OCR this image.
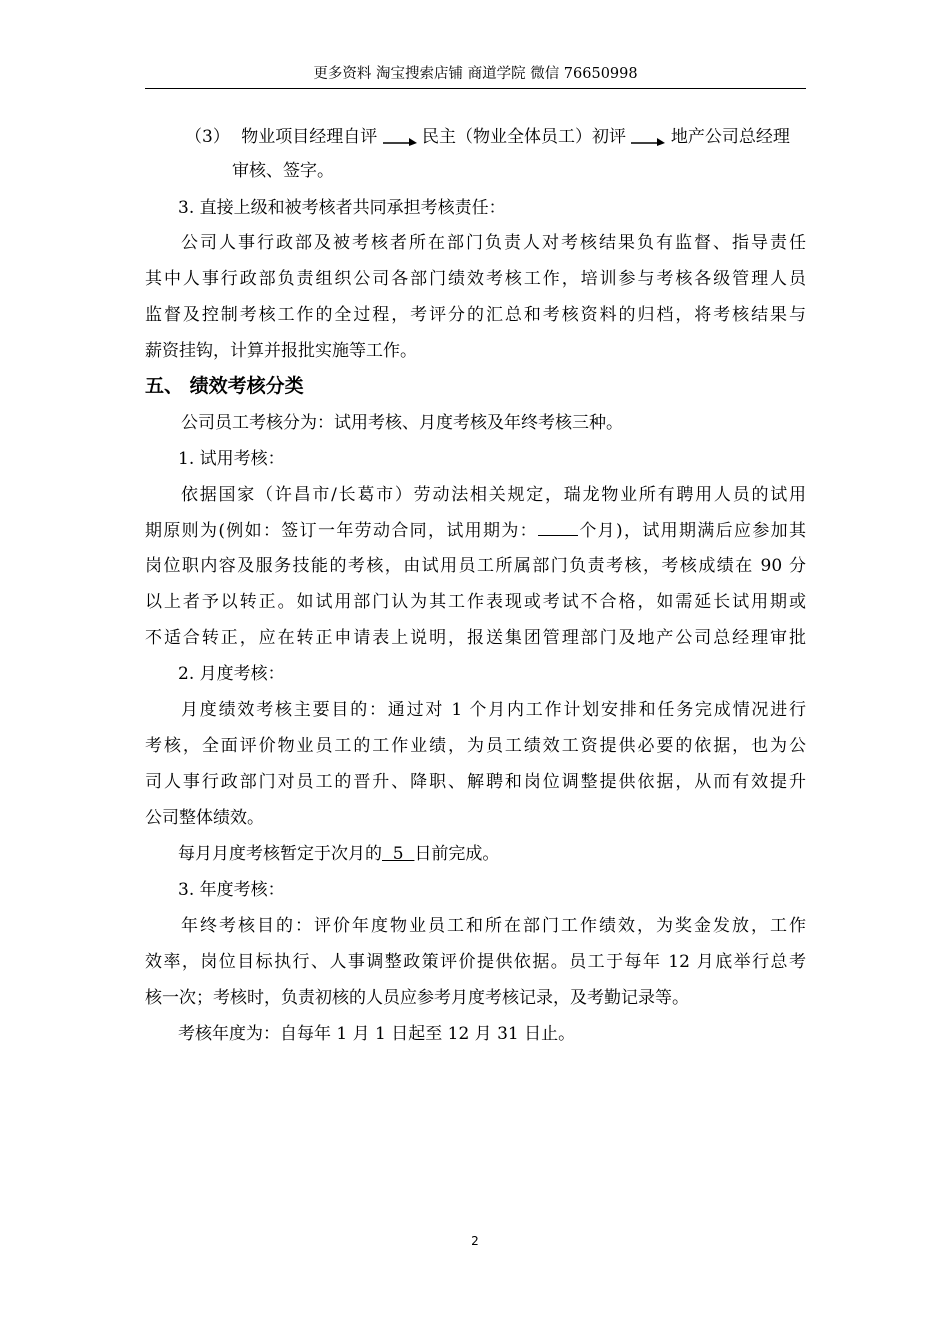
更多资料 淘宝搜索店铺 商道学院 微信 76650998
（3） 物业项目经理自评	民主（物业全体员工）初评	地产公司总经理
审核、签字。
3. 直接上级和被考核者共同承担考核责任：
公司人事行政部及被考核者所在部门负责人对考核结果负有监督、指导责任
其中人事行政部负责组织公司各部门绩效考核工作，培训参与考核各级管理人员
监督及控制考核工作的全过程，考评分的汇总和考核资料的归档，将考核结果与
薪资挂钩，计算并报批实施等工作。
五、 绩效考核分类
公司员工考核分为：试用考核、月度考核及年终考核三种。
1. 试用考核：
依据国家（许昌市/长葛市）劳动法相关规定，瑞龙物业所有聘用人员的试用
期原则为(例如：签订一年劳动合同，试用期为： 个月)，试用期满后应参加其
岗位职内容及服务技能的考核，由试用员工所属部门负责考核，考核成绩在 90 分
以上者予以转正。如试用部门认为其工作表现或考试不合格，如需延长试用期或
不适合转正，应在转正申请表上说明，报送集团管理部门及地产公司总经理审批
2. 月度考核：
月度绩效考核主要目的：通过对 1 个月内工作计划安排和任务完成情况进行
考核，全面评价物业员工的工作业绩，为员工绩效工资提供必要的依据，也为公
司人事行政部门对员工的晋升、降职、解聘和岗位调整提供依据，从而有效提升
公司整体绩效。
每月月度考核暂定于次月的  5  日前完成。
3. 年度考核：
年终考核目的：评价年度物业员工和所在部门工作绩效，为奖金发放，工作
效率，岗位目标执行、人事调整政策评价提供依据。员工于每年 12 月底举行总考
核一次；考核时，负责初核的人员应参考月度考核记录，及考勤记录等。
考核年度为：自每年 1 月 1 日起至 12 月 31 日止。
2
